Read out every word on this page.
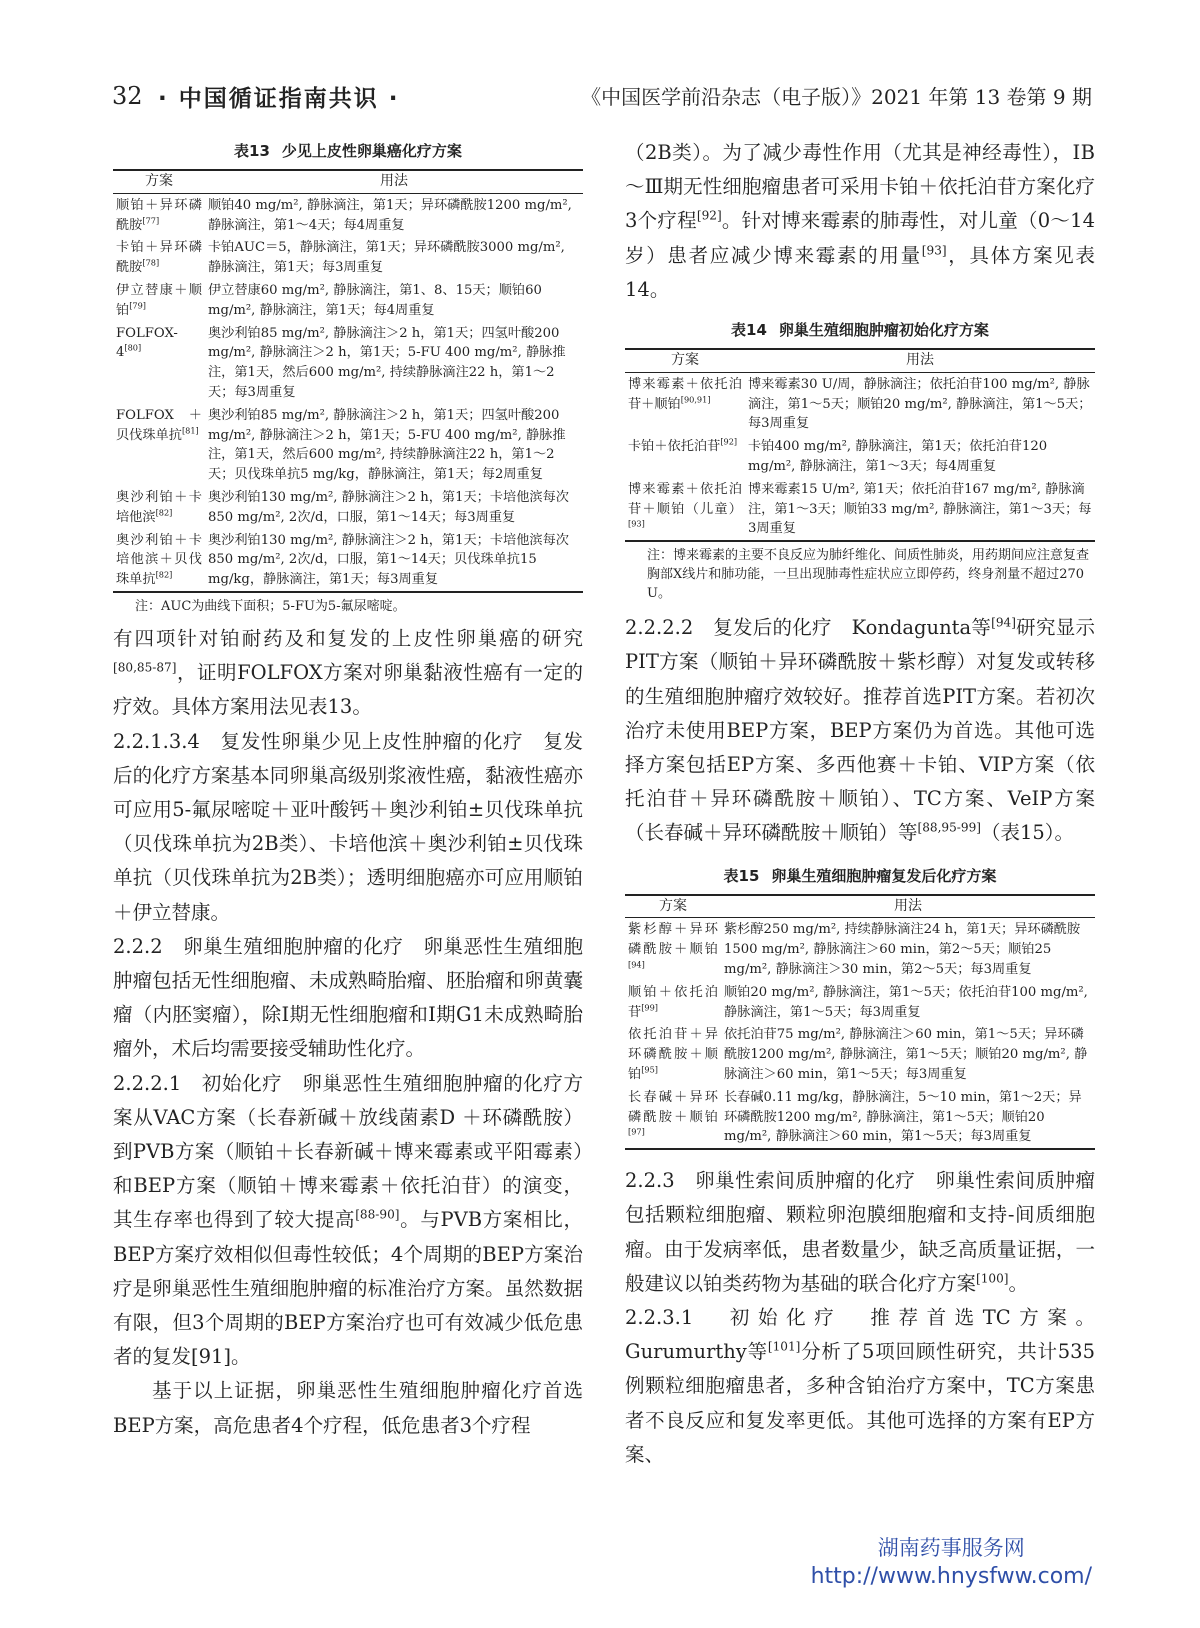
32 · 中国循证指南共识 ·	《中国医学前沿杂志（电子版）》2021 年第 13 卷第 9 期
表13 少见上皮性卵巢癌化疗方案
方案	用法
顺铂＋异环磷酰胺[77]	顺铂40 mg/m², 静脉滴注，第1天；异环磷酰胺1200 mg/m², 静脉滴注，第1～4天；每4周重复
卡铂＋异环磷酰胺[78]	卡铂AUC＝5，静脉滴注，第1天；异环磷酰胺3000 mg/m², 静脉滴注，第1天；每3周重复
伊立替康＋顺铂[79]	伊立替康60 mg/m², 静脉滴注，第1、8、15天；顺铂60 mg/m², 静脉滴注，第1天；每4周重复
FOLFOX-4[80]	奥沙利铂85 mg/m², 静脉滴注＞2 h，第1天；四氢叶酸200 mg/m², 静脉滴注＞2 h，第1天；5-FU 400 mg/m², 静脉推注，第1天，然后600 mg/m², 持续静脉滴注22 h，第1～2天；每3周重复
FOLFOX ＋贝伐珠单抗[81]	奥沙利铂85 mg/m², 静脉滴注＞2 h，第1天；四氢叶酸200 mg/m², 静脉滴注＞2 h，第1天；5-FU 400 mg/m², 静脉推注，第1天，然后600 mg/m², 持续静脉滴注22 h，第1～2天；贝伐珠单抗5 mg/kg，静脉滴注，第1天；每2周重复
奥沙利铂＋卡培他滨[82]	奥沙利铂130 mg/m², 静脉滴注＞2 h，第1天；卡培他滨每次850 mg/m², 2次/d，口服，第1～14天；每3周重复
奥沙利铂＋卡培他滨＋贝伐珠单抗[82]	奥沙利铂130 mg/m², 静脉滴注＞2 h，第1天；卡培他滨每次850 mg/m², 2次/d，口服，第1～14天；贝伐珠单抗15 mg/kg，静脉滴注，第1天；每3周重复
注：AUC为曲线下面积；5-FU为5-氟尿嘧啶。

有四项针对铂耐药及和复发的上皮性卵巢癌的研究[80,85-87]，证明FOLFOX方案对卵巢黏液性癌有一定的疗效。具体方案用法见表13。

2.2.1.3.4　复发性卵巢少见上皮性肿瘤的化疗　复发后的化疗方案基本同卵巢高级别浆液性癌，黏液性癌亦可应用5-氟尿嘧啶＋亚叶酸钙＋奥沙利铂±贝伐珠单抗（贝伐珠单抗为2B类）、卡培他滨＋奥沙利铂±贝伐珠单抗（贝伐珠单抗为2B类）；透明细胞癌亦可应用顺铂＋伊立替康。

2.2.2　卵巢生殖细胞肿瘤的化疗　卵巢恶性生殖细胞肿瘤包括无性细胞瘤、未成熟畸胎瘤、胚胎瘤和卵黄囊瘤（内胚窦瘤），除Ⅰ期无性细胞瘤和Ⅰ期G1未成熟畸胎瘤外，术后均需要接受辅助性化疗。

2.2.2.1　初始化疗　卵巢恶性生殖细胞肿瘤的化疗方案从VAC方案（长春新碱＋放线菌素D ＋环磷酰胺）到PVB方案（顺铂＋长春新碱＋博来霉素或平阳霉素）和BEP方案（顺铂＋博来霉素＋依托泊苷）的演变，其生存率也得到了较大提高[88-90]。与PVB方案相比，BEP方案疗效相似但毒性较低；4个周期的BEP方案治疗是卵巢恶性生殖细胞肿瘤的标准治疗方案。虽然数据有限，但3个周期的BEP方案治疗也可有效减少低危患者的复发[91]。

基于以上证据，卵巢恶性生殖细胞肿瘤化疗首选BEP方案，高危患者4个疗程，低危患者3个疗程

（2B类）。为了减少毒性作用（尤其是神经毒性），ⅠB～Ⅲ期无性细胞瘤患者可采用卡铂＋依托泊苷方案化疗3个疗程[92]。针对博来霉素的肺毒性，对儿童（0～14岁）患者应减少博来霉素的用量[93]，具体方案见表14。

表14 卵巢生殖细胞肿瘤初始化疗方案
方案	用法
博来霉素＋依托泊苷＋顺铂[90,91]	博来霉素30 U/周，静脉滴注；依托泊苷100 mg/m², 静脉滴注，第1～5天；顺铂20 mg/m², 静脉滴注，第1～5天；每3周重复
卡铂＋依托泊苷[92]	卡铂400 mg/m², 静脉滴注，第1天；依托泊苷120 mg/m², 静脉滴注，第1～3天；每4周重复
博来霉素＋依托泊苷＋顺铂（儿童）[93]	博来霉素15 U/m², 第1天；依托泊苷167 mg/m², 静脉滴注，第1～3天；顺铂33 mg/m², 静脉滴注，第1～3天；每3周重复
注：博来霉素的主要不良反应为肺纤维化、间质性肺炎，用药期间应注意复查胸部X线片和肺功能，一旦出现肺毒性症状应立即停药，终身剂量不超过270 U。

2.2.2.2　复发后的化疗　Kondagunta等[94]研究显示PIT方案（顺铂＋异环磷酰胺＋紫杉醇）对复发或转移的生殖细胞肿瘤疗效较好。推荐首选PIT方案。若初次治疗未使用BEP方案，BEP方案仍为首选。其他可选择方案包括EP方案、多西他赛＋卡铂、VIP方案（依托泊苷＋异环磷酰胺＋顺铂）、TC方案、VeIP方案（长春碱＋异环磷酰胺＋顺铂）等[88,95-99]（表15）。

表15 卵巢生殖细胞肿瘤复发后化疗方案
方案	用法
紫杉醇＋异环磷酰胺＋顺铂[94]	紫杉醇250 mg/m², 持续静脉滴注24 h，第1天；异环磷酰胺1500 mg/m², 静脉滴注＞60 min，第2～5天；顺铂25 mg/m², 静脉滴注＞30 min，第2～5天；每3周重复
顺铂＋依托泊苷[99]	顺铂20 mg/m², 静脉滴注，第1～5天；依托泊苷100 mg/m², 静脉滴注，第1～5天；每3周重复
依托泊苷＋异环磷酰胺＋顺铂[95]	依托泊苷75 mg/m², 静脉滴注＞60 min，第1～5天；异环磷酰胺1200 mg/m², 静脉滴注，第1～5天；顺铂20 mg/m², 静脉滴注＞60 min，第1～5天；每3周重复
长春碱＋异环磷酰胺＋顺铂[97]	长春碱0.11 mg/kg，静脉滴注，5～10 min，第1～2天；异环磷酰胺1200 mg/m², 静脉滴注，第1～5天；顺铂20 mg/m², 静脉滴注＞60 min，第1～5天；每3周重复

2.2.3　卵巢性索间质肿瘤的化疗　卵巢性索间质肿瘤包括颗粒细胞瘤、颗粒卵泡膜细胞瘤和支持-间质细胞瘤。由于发病率低，患者数量少，缺乏高质量证据，一般建议以铂类药物为基础的联合化疗方案[100]。

2.2.3.1　初始化疗　推荐首选TC方案。Gurumurthy等[101]分析了5项回顾性研究，共计535例颗粒细胞瘤患者，多种含铂治疗方案中，TC方案患者不良反应和复发率更低。其他可选择的方案有EP方案、

湖南药事服务网
http://www.hnysfww.com/
